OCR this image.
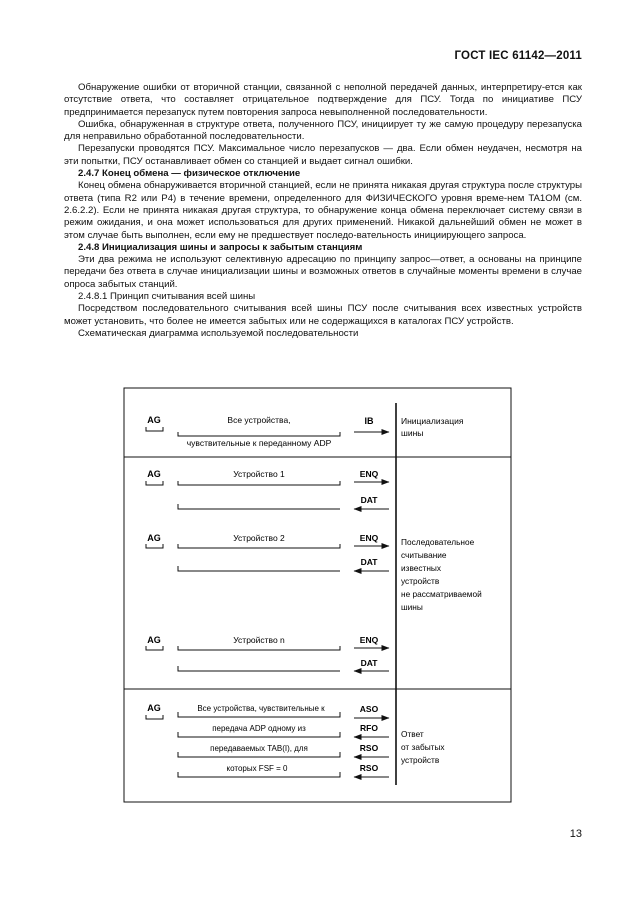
ГОСТ IEC 61142—2011

Обнаружение ошибки от вторичной станции, связанной с неполной передачей данных, интерпретиру-ется как отсутствие ответа, что составляет отрицательное подтверждение для ПСУ. Тогда по инициативе ПСУ предпринимается перезапуск путем повторения запроса невыполненной последовательности.

Ошибка, обнаруженная в структуре ответа, полученного ПСУ, инициирует ту же самую процедуру перезапуска для неправильно обработанной последовательности.

Перезапуски проводятся ПСУ. Максимальное число перезапусков — два. Если обмен неудачен, несмотря на эти попытки, ПСУ останавливает обмен со станцией и выдает сигнал ошибки.

2.4.7 Конец обмена — физическое отключение

Конец обмена обнаруживается вторичной станцией, если не принята никакая другая структура после структуры ответа (типа R2 или P4) в течение времени, определенного для ФИЗИЧЕСКОГО уровня време-нем TA1OM (см. 2.6.2.2). Если не принята никакая другая структура, то обнаружение конца обмена переключает систему связи в режим ожидания, и она может использоваться для других применений. Никакой дальнейший обмен не может в этом случае быть выполнен, если ему не предшествует последо-вательность инициирующего запроса.

2.4.8 Инициализация шины и запросы к забытым станциям

Эти два режима не используют селективную адресацию по принципу запрос—ответ, а основаны на принципе передачи без ответа в случае инициализации шины и возможных ответов в случайные моменты времени в случае опроса забытых станций.

2.4.8.1 Принцип считывания всей шины

Посредством последовательного считывания всей шины ПСУ после считывания всех известных устройств может установить, что более не имеется забытых или не содержащихся в каталогах ПСУ устройств.

Схематическая диаграмма используемой последовательности

AG	Все устройства,
чувствительные к переданному ADP
IB	Инициализация
шины
AG	Устройство 1	ENQ
DAT
AG	Устройство 2	ENQ
DAT
Последовательное
считывание
известных
устройств
не рассматриваемой
шины
AG	Устройство n	ENQ
DAT
AG	Все устройства, чувствительные к
передача ADP одному из
передаваемых TAB(I), для
которых FSF = 0
ASO
RFO
RSO
RSO
Ответ
от забытых
устройств
13
